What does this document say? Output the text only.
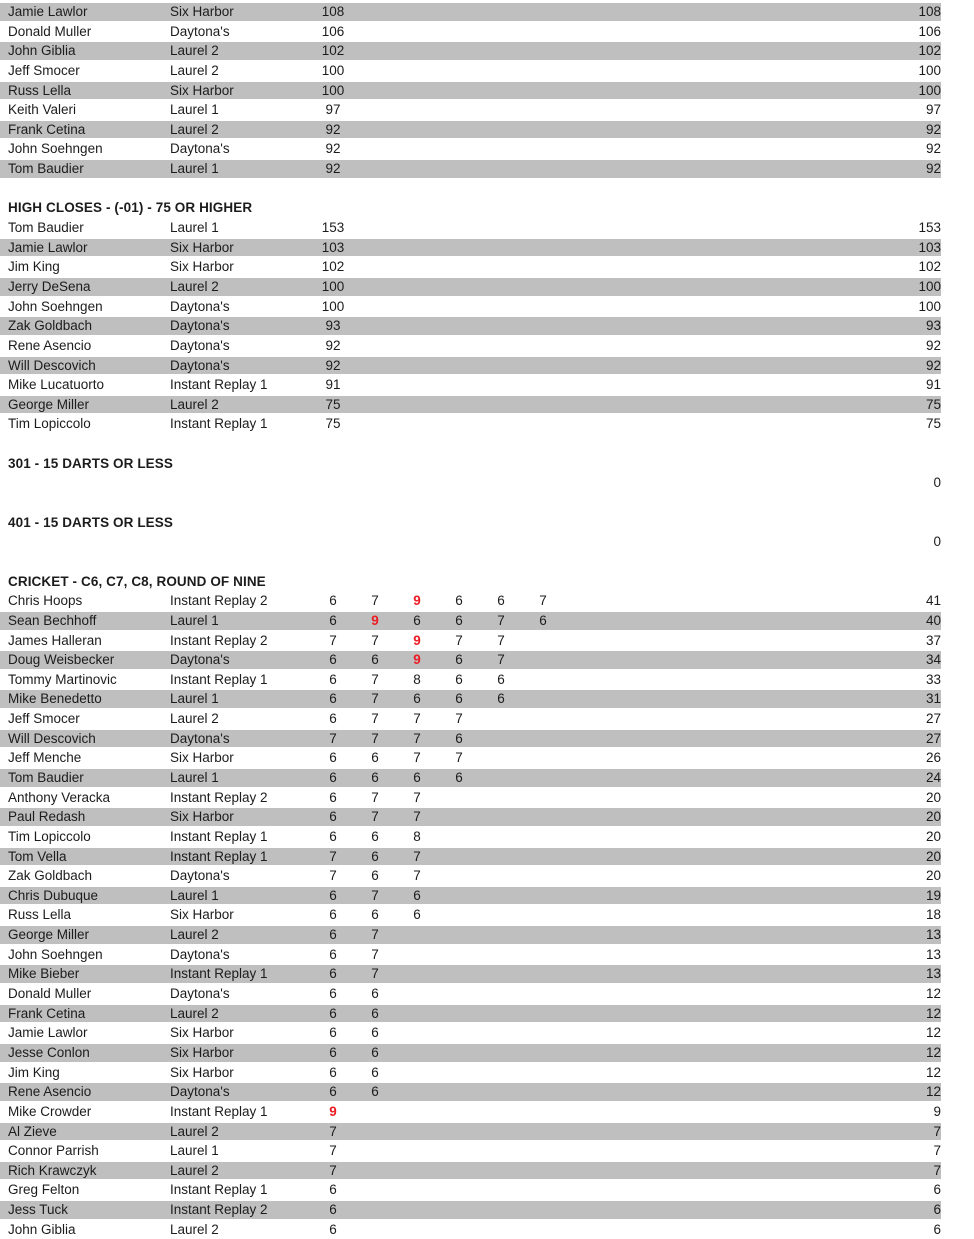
Jamie Lawlor	Six Harbor	108	108
Donald Muller	Daytona's	106	106
John Giblia	Laurel 2	102	102
Jeff Smocer	Laurel 2	100	100
Russ Lella	Six Harbor	100	100
Keith Valeri	Laurel 1	97	97
Frank Cetina	Laurel 2	92	92
John Soehngen	Daytona's	92	92
Tom Baudier	Laurel 1	92	92
HIGH CLOSES - (-01) - 75 OR HIGHER
Tom Baudier	Laurel 1	153	153
Jamie Lawlor	Six Harbor	103	103
Jim King	Six Harbor	102	102
Jerry DeSena	Laurel 2	100	100
John Soehngen	Daytona's	100	100
Zak Goldbach	Daytona's	93	93
Rene Asencio	Daytona's	92	92
Will Descovich	Daytona's	92	92
Mike Lucatuorto	Instant Replay 1	91	91
George Miller	Laurel 2	75	75
Tim Lopiccolo	Instant Replay 1	75	75
301 - 15 DARTS OR LESS
0
401 - 15 DARTS OR LESS
0
CRICKET - C6, C7, C8, ROUND OF NINE
Chris Hoops	Instant Replay 2	6	7	9	6	6	7	41
Sean Bechhoff	Laurel 1	6	9	6	6	7	6	40
James Halleran	Instant Replay 2	7	7	9	7	7	37
Doug Weisbecker	Daytona's	6	6	9	6	7	34
Tommy Martinovic	Instant Replay 1	6	7	8	6	6	33
Mike Benedetto	Laurel 1	6	7	6	6	6	31
Jeff Smocer	Laurel 2	6	7	7	7	27
Will Descovich	Daytona's	7	7	7	6	27
Jeff Menche	Six Harbor	6	6	7	7	26
Tom Baudier	Laurel 1	6	6	6	6	24
Anthony Veracka	Instant Replay 2	6	7	7	20
Paul Redash	Six Harbor	6	7	7	20
Tim Lopiccolo	Instant Replay 1	6	6	8	20
Tom Vella	Instant Replay 1	7	6	7	20
Zak Goldbach	Daytona's	7	6	7	20
Chris Dubuque	Laurel 1	6	7	6	19
Russ Lella	Six Harbor	6	6	6	18
George Miller	Laurel 2	6	7	13
John Soehngen	Daytona's	6	7	13
Mike Bieber	Instant Replay 1	6	7	13
Donald Muller	Daytona's	6	6	12
Frank Cetina	Laurel 2	6	6	12
Jamie Lawlor	Six Harbor	6	6	12
Jesse Conlon	Six Harbor	6	6	12
Jim King	Six Harbor	6	6	12
Rene Asencio	Daytona's	6	6	12
Mike Crowder	Instant Replay 1	9	9
Al Zieve	Laurel 2	7	7
Connor Parrish	Laurel 1	7	7
Rich Krawczyk	Laurel 2	7	7
Greg Felton	Instant Replay 1	6	6
Jess Tuck	Instant Replay 2	6	6
John Giblia	Laurel 2	6	6
